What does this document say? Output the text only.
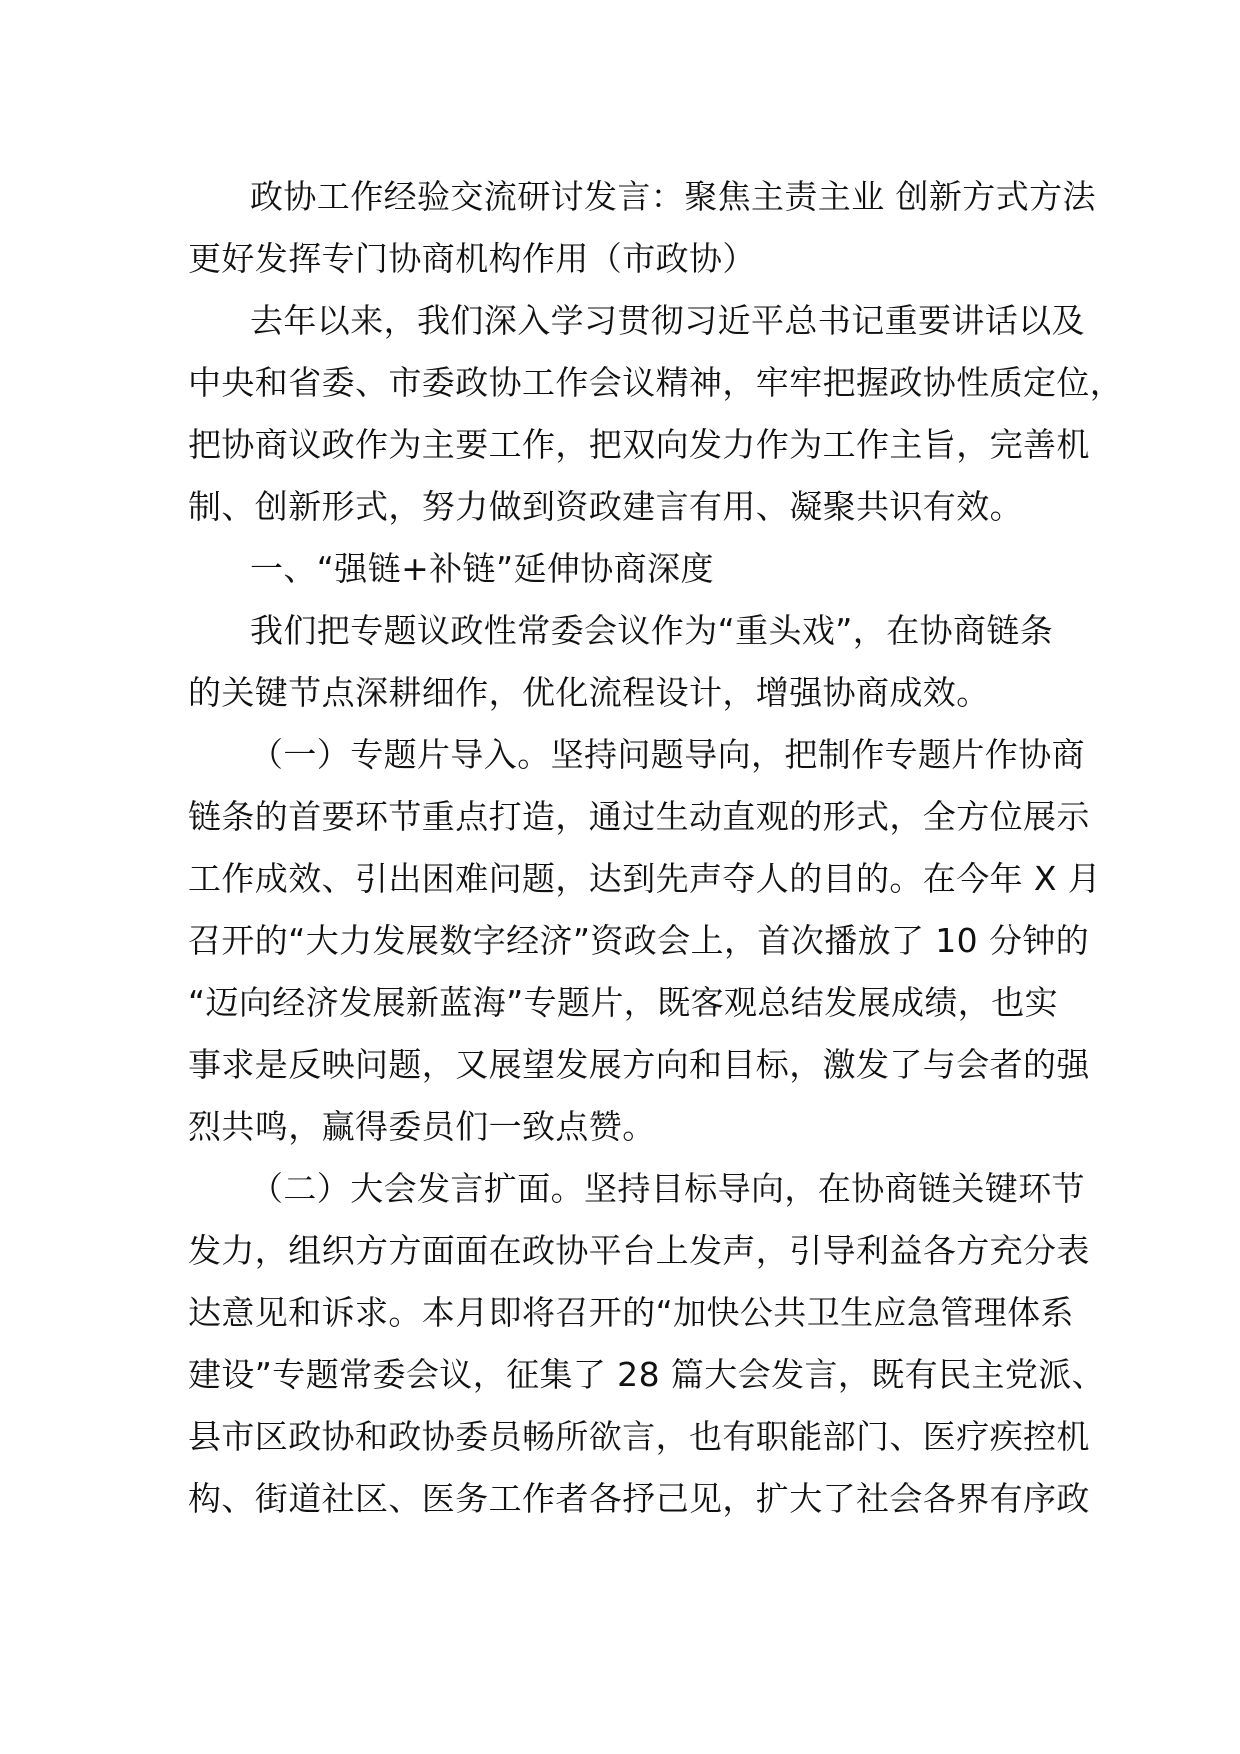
政协工作经验交流研讨发言：聚焦主责主业 创新方式方法
更好发挥专门协商机构作用（市政协）
去年以来，我们深入学习贯彻习近平总书记重要讲话以及
中央和省委、市委政协工作会议精神，牢牢把握政协性质定位，
把协商议政作为主要工作，把双向发力作为工作主旨，完善机
制、创新形式，努力做到资政建言有用、凝聚共识有效。
一、“强链+补链”延伸协商深度
我们把专题议政性常委会议作为“重头戏”，在协商链条
的关键节点深耕细作，优化流程设计，增强协商成效。
（一）专题片导入。坚持问题导向，把制作专题片作协商
链条的首要环节重点打造，通过生动直观的形式，全方位展示
工作成效、引出困难问题，达到先声夺人的目的。在今年 X 月
召开的“大力发展数字经济”资政会上，首次播放了 10 分钟的
“迈向经济发展新蓝海”专题片，既客观总结发展成绩，也实
事求是反映问题，又展望发展方向和目标，激发了与会者的强
烈共鸣，赢得委员们一致点赞。
（二）大会发言扩面。坚持目标导向，在协商链关键环节
发力，组织方方面面在政协平台上发声，引导利益各方充分表
达意见和诉求。本月即将召开的“加快公共卫生应急管理体系
建设”专题常委会议，征集了 28 篇大会发言，既有民主党派、
县市区政协和政协委员畅所欲言，也有职能部门、医疗疾控机
构、街道社区、医务工作者各抒己见，扩大了社会各界有序政
